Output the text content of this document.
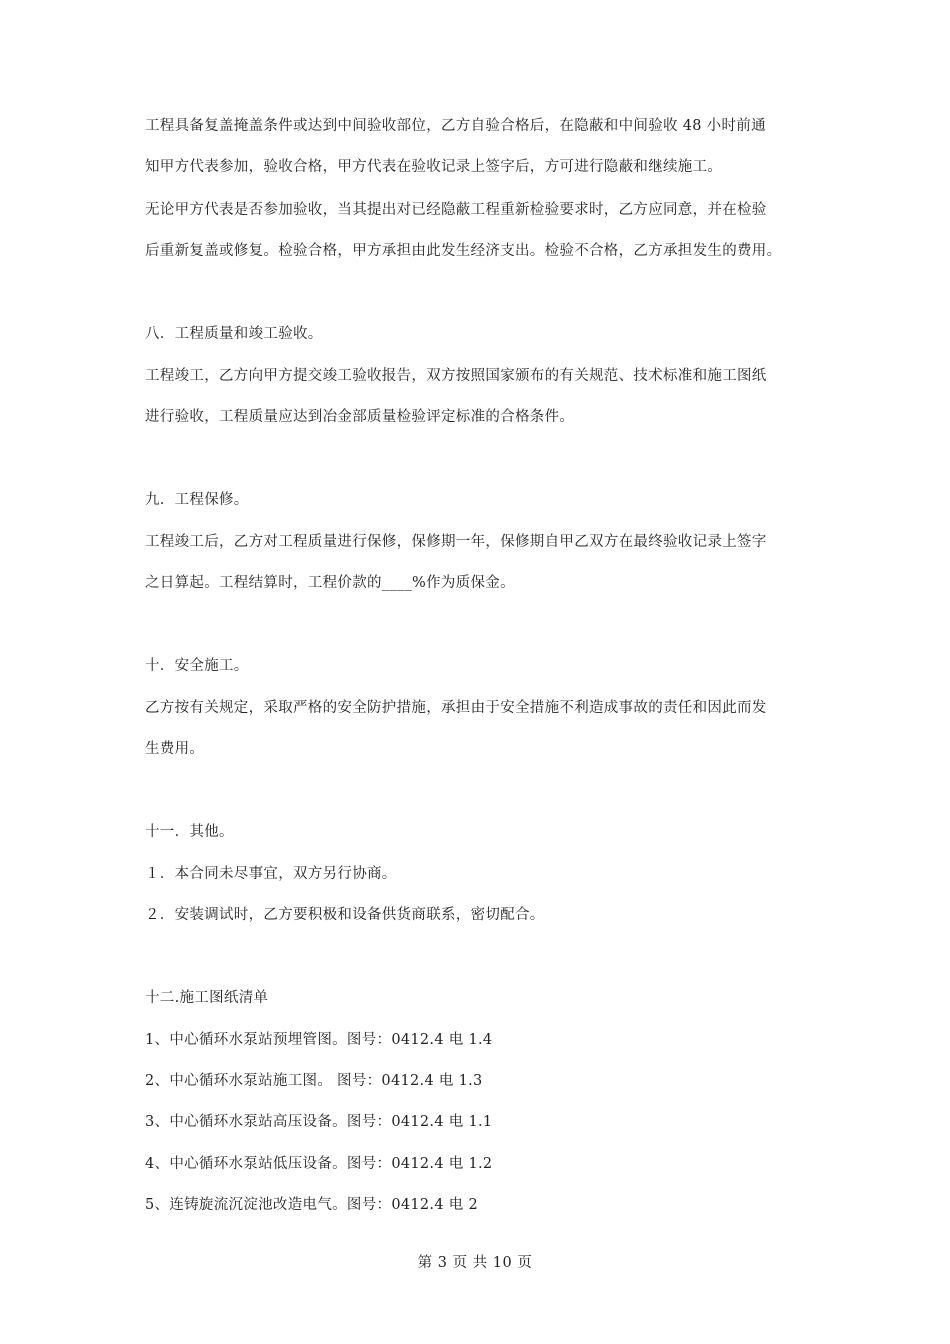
工程具备复盖掩盖条件或达到中间验收部位，乙方自验合格后，在隐蔽和中间验收 48 小时前通

知甲方代表参加，验收合格，甲方代表在验收记录上签字后，方可进行隐蔽和继续施工。

无论甲方代表是否参加验收，当其提出对已经隐蔽工程重新检验要求时，乙方应同意，并在检验

后重新复盖或修复。检验合格，甲方承担由此发生经济支出。检验不合格，乙方承担发生的费用。

八．工程质量和竣工验收。

工程竣工，乙方向甲方提交竣工验收报告，双方按照国家颁布的有关规范、技术标准和施工图纸

进行验收，工程质量应达到冶金部质量检验评定标准的合格条件。

九．工程保修。

工程竣工后，乙方对工程质量进行保修，保修期一年，保修期自甲乙双方在最终验收记录上签字

之日算起。工程结算时，工程价款的____%作为质保金。

十．安全施工。

乙方按有关规定，采取严格的安全防护措施，承担由于安全措施不利造成事故的责任和因此而发

生费用。

十一．其他。

１．本合同未尽事宜，双方另行协商。

２．安装调试时，乙方要积极和设备供货商联系，密切配合。

十二.施工图纸清单

1、中心循环水泵站预埋管图。图号：0412.4 电 1.4

2、中心循环水泵站施工图。 图号：0412.4 电 1.3

3、中心循环水泵站高压设备。图号：0412.4 电 1.1

4、中心循环水泵站低压设备。图号：0412.4 电 1.2

5、连铸旋流沉淀池改造电气。图号：0412.4 电 2

第 3 页 共 10 页
